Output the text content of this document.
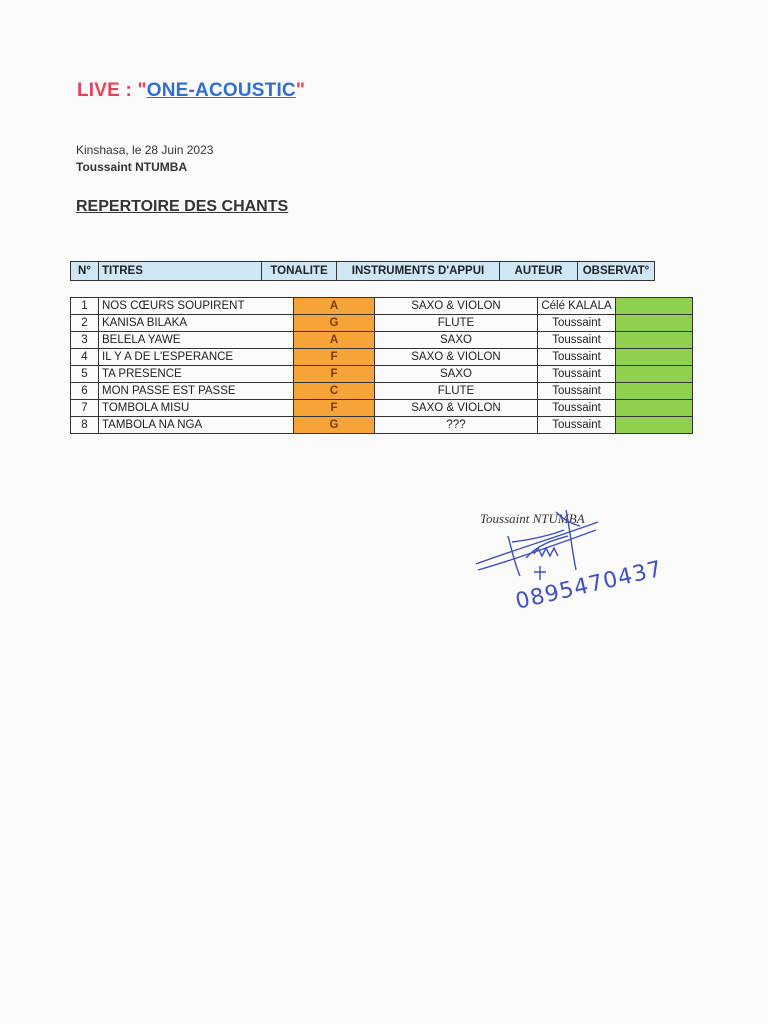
LIVE : "ONE-ACOUSTIC"
Kinshasa, le 28 Juin 2023
Toussaint NTUMBA
REPERTOIRE DES CHANTS
N°	TITRES	TONALITE	INSTRUMENTS D'APPUI	AUTEUR	OBSERVAT°
1	NOS CŒURS SOUPIRENT	A	SAXO & VIOLON	Célé KALALA	
2	KANISA BILAKA	G	FLUTE	Toussaint	
3	BELELA YAWE	A	SAXO	Toussaint	
4	IL Y A DE L'ESPERANCE	F	SAXO & VIOLON	Toussaint	
5	TA PRESENCE	F	SAXO	Toussaint	
6	MON PASSE EST PASSE	C	FLUTE	Toussaint	
7	TOMBOLA MISU	F	SAXO & VIOLON	Toussaint	
8	TAMBOLA NA NGA	G	???	Toussaint	
Toussaint NTUMBA
0895470437
